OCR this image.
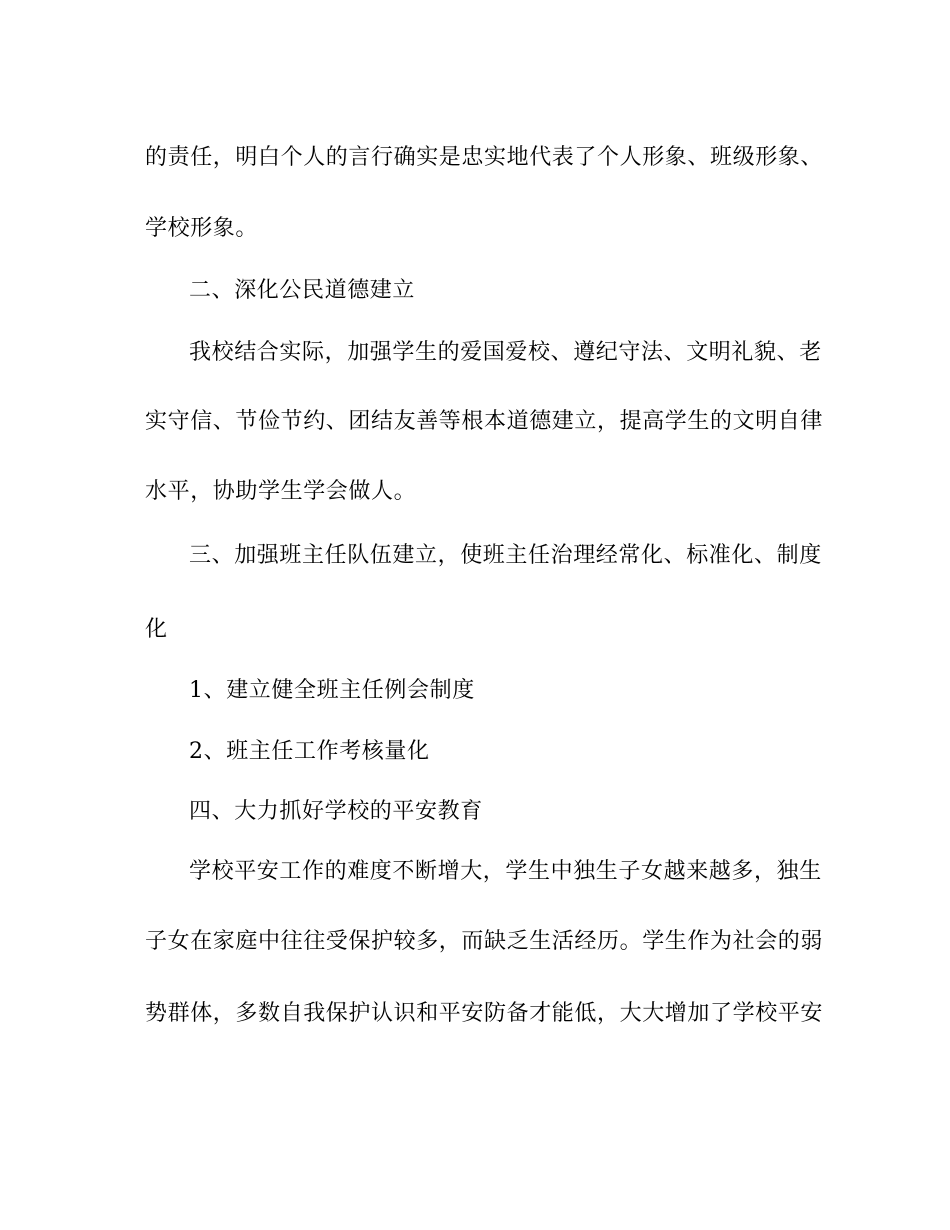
的责任，明白个人的言行确实是忠实地代表了个人形象、班级形象、
学校形象。
二、深化公民道德建立
我校结合实际，加强学生的爱国爱校、遵纪守法、文明礼貌、老
实守信、节俭节约、团结友善等根本道德建立，提高学生的文明自律
水平，协助学生学会做人。
三、加强班主任队伍建立，使班主任治理经常化、标准化、制度
化
1、建立健全班主任例会制度
2、班主任工作考核量化
四、大力抓好学校的平安教育
学校平安工作的难度不断增大，学生中独生子女越来越多，独生
子女在家庭中往往受保护较多，而缺乏生活经历。学生作为社会的弱
势群体，多数自我保护认识和平安防备才能低，大大增加了学校平安
